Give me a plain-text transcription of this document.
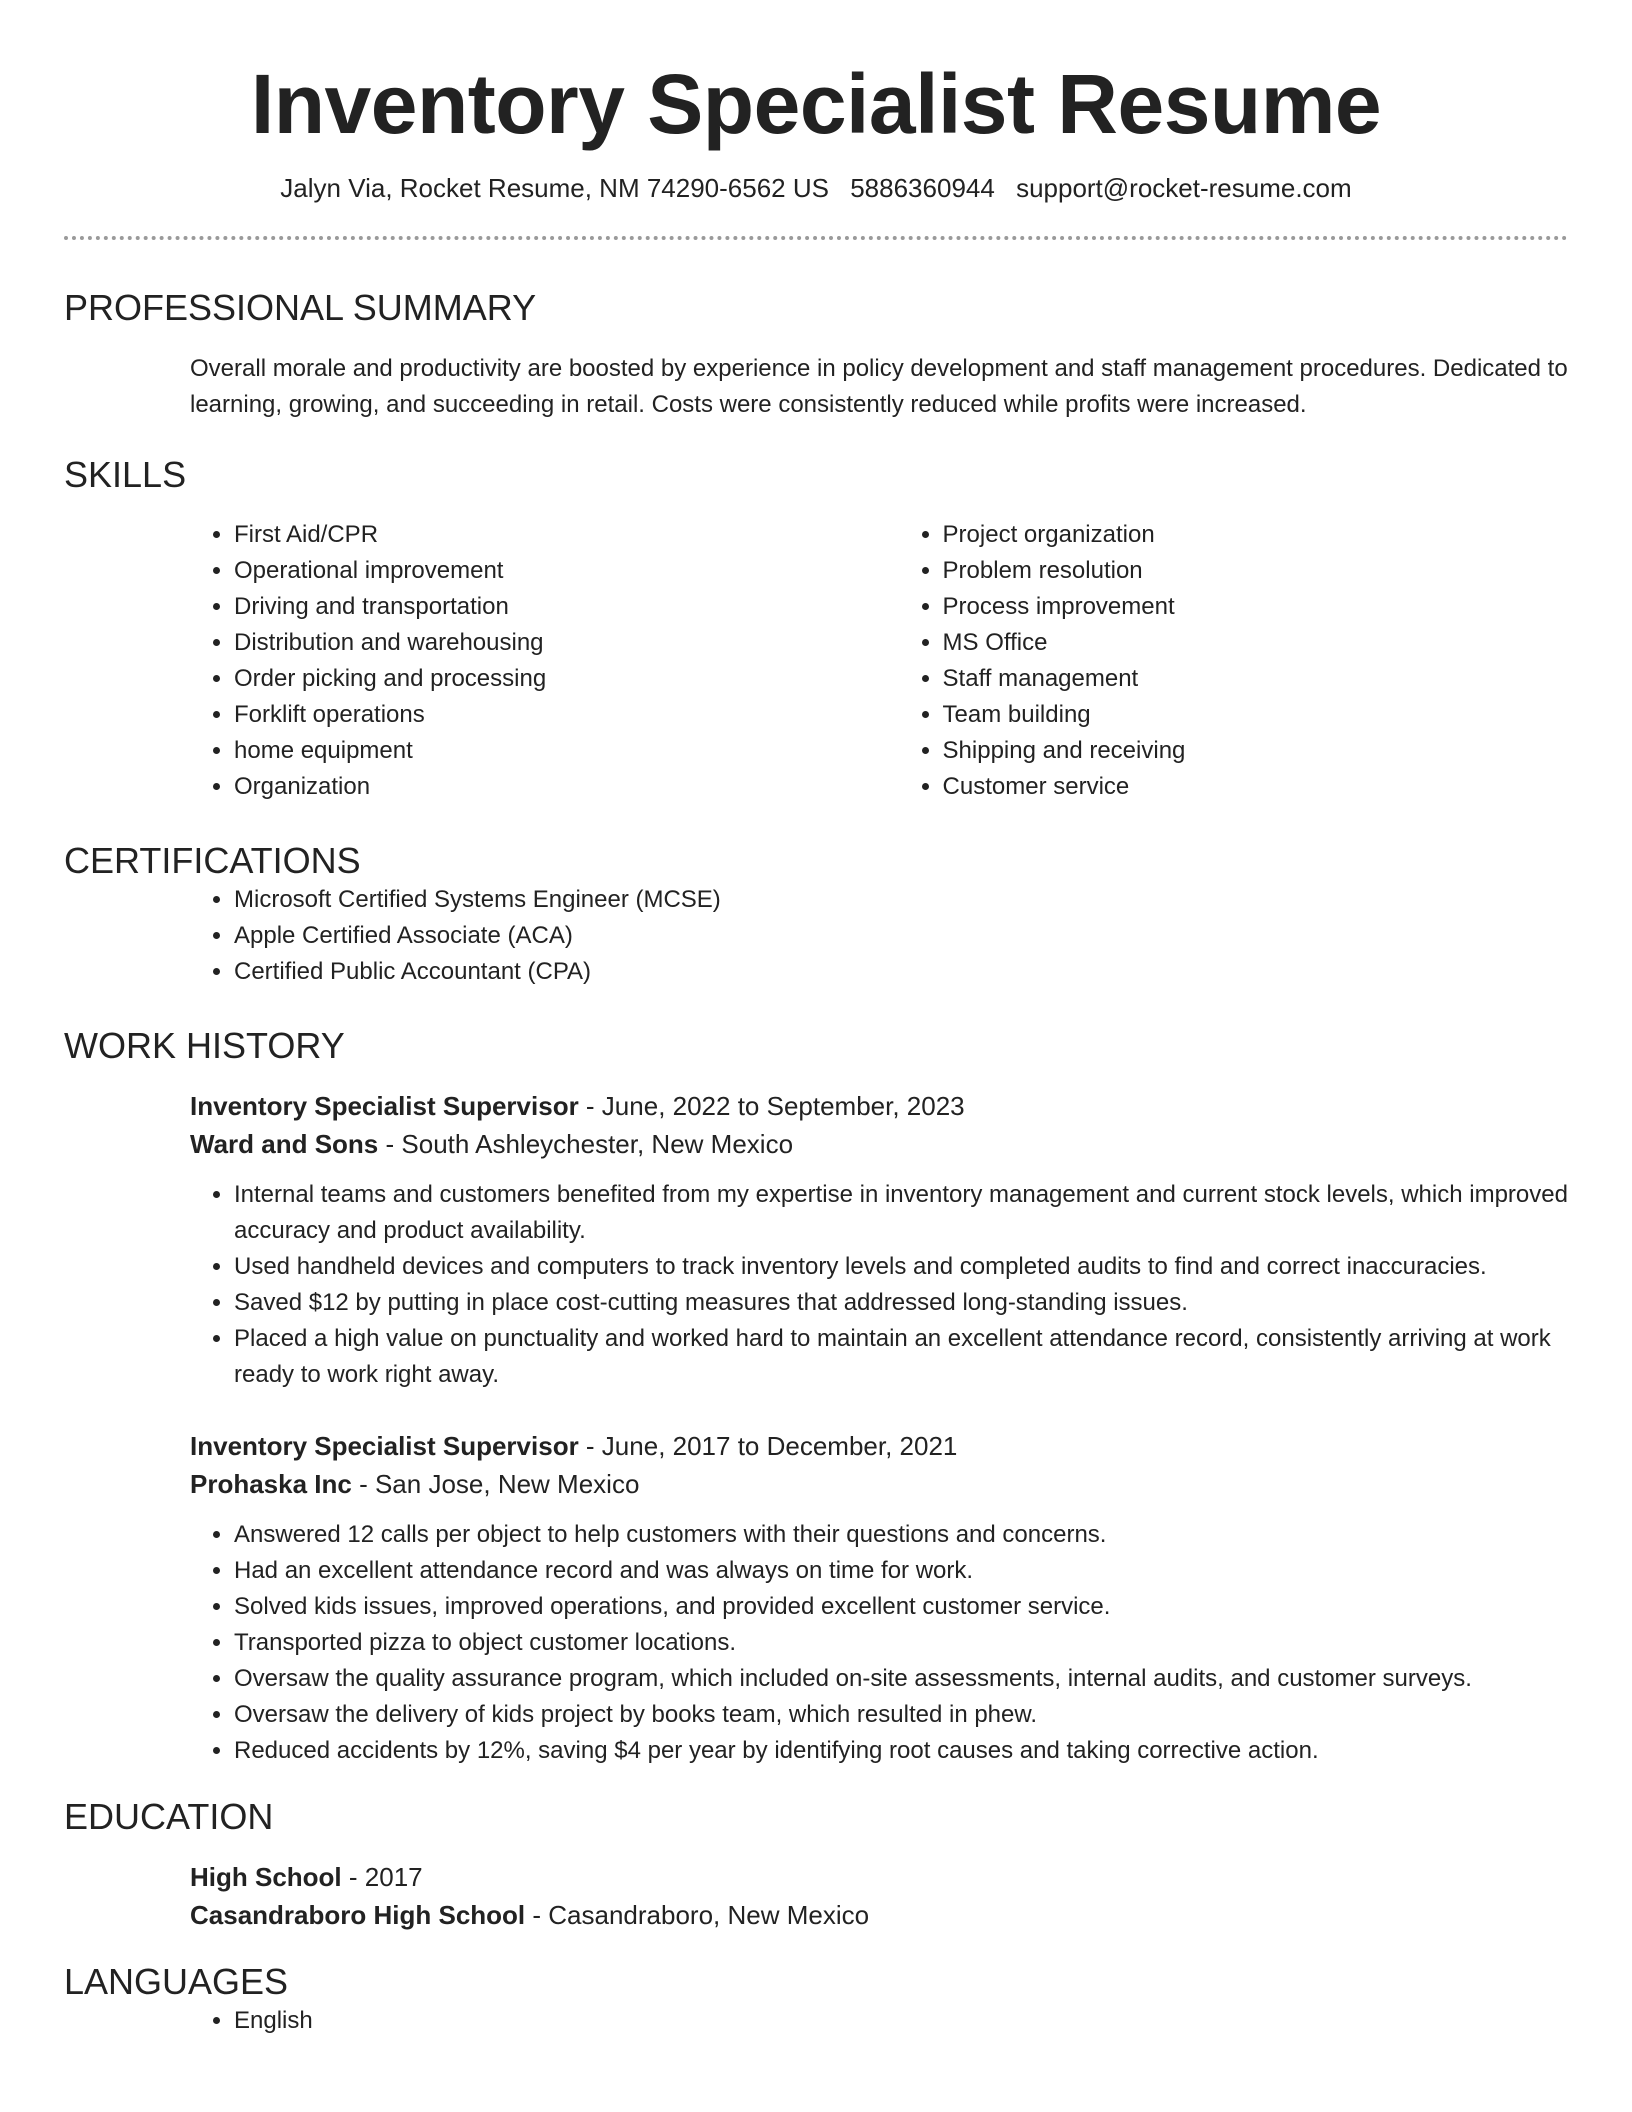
Inventory Specialist Resume
Jalyn Via, Rocket Resume, NM 74290-6562 US 5886360944 support@rocket-resume.com
PROFESSIONAL SUMMARY

Overall morale and productivity are boosted by experience in policy development and staff management procedures. Dedicated to learning, growing, and succeeding in retail. Costs were consistently reduced while profits were increased.

SKILLS
• First Aid/CPR
• Operational improvement
• Driving and transportation
• Distribution and warehousing
• Order picking and processing
• Forklift operations
• home equipment
• Organization
• Project organization
• Problem resolution
• Process improvement
• MS Office
• Staff management
• Team building
• Shipping and receiving
• Customer service
CERTIFICATIONS
• Microsoft Certified Systems Engineer (MCSE)
• Apple Certified Associate (ACA)
• Certified Public Accountant (CPA)
WORK HISTORY
Inventory Specialist Supervisor - June, 2022 to September, 2023
Ward and Sons - South Ashleychester, New Mexico
• Internal teams and customers benefited from my expertise in inventory management and current stock levels, which improved accuracy and product availability.
• Used handheld devices and computers to track inventory levels and completed audits to find and correct inaccuracies.
• Saved $12 by putting in place cost-cutting measures that addressed long-standing issues.
• Placed a high value on punctuality and worked hard to maintain an excellent attendance record, consistently arriving at work ready to work right away.
Inventory Specialist Supervisor - June, 2017 to December, 2021
Prohaska Inc - San Jose, New Mexico
• Answered 12 calls per object to help customers with their questions and concerns.
• Had an excellent attendance record and was always on time for work.
• Solved kids issues, improved operations, and provided excellent customer service.
• Transported pizza to object customer locations.
• Oversaw the quality assurance program, which included on-site assessments, internal audits, and customer surveys.
• Oversaw the delivery of kids project by books team, which resulted in phew.
• Reduced accidents by 12%, saving $4 per year by identifying root causes and taking corrective action.
EDUCATION
High School - 2017
Casandraboro High School - Casandraboro, New Mexico
LANGUAGES
• English
